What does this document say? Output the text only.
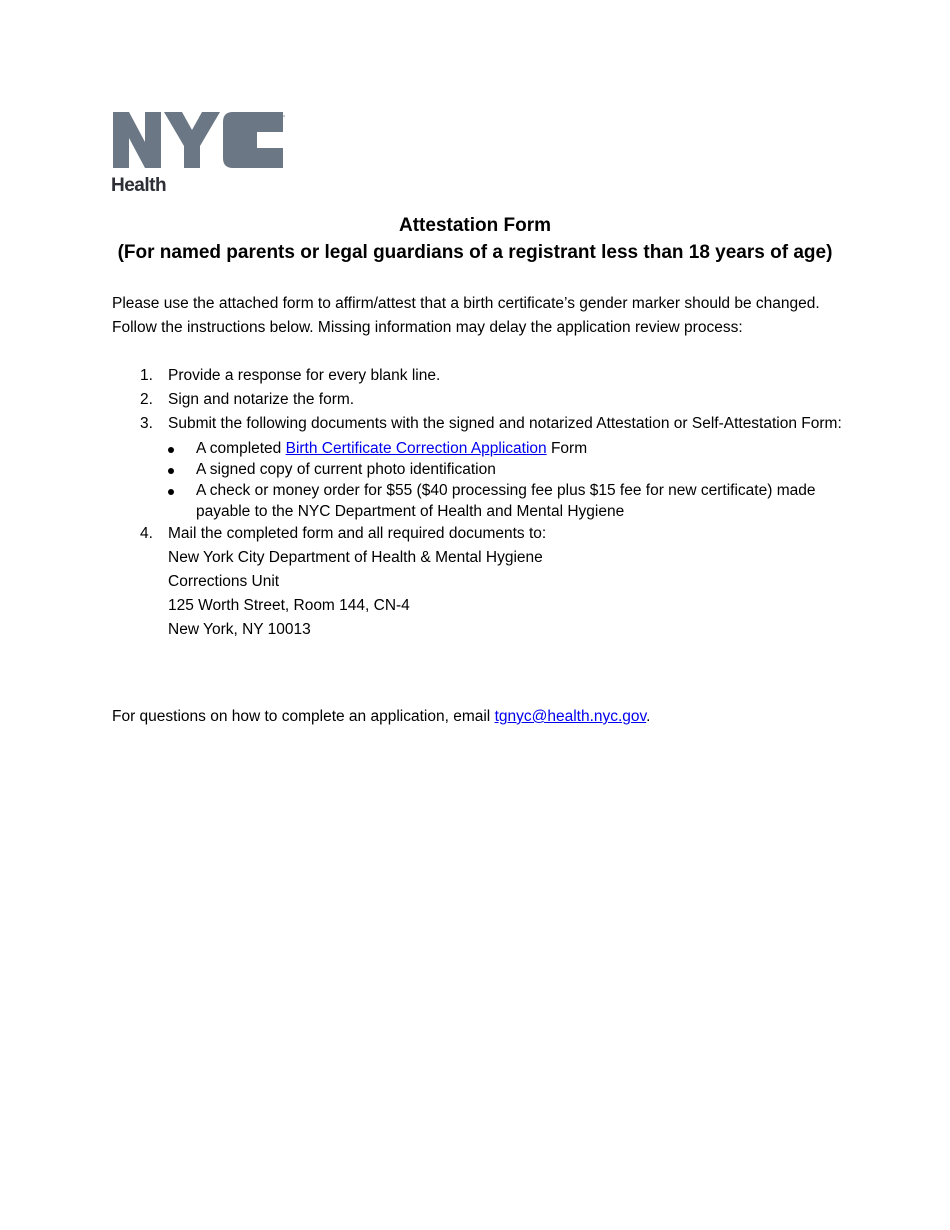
™
Health
Attestation Form
(For named parents or legal guardians of a registrant less than 18 years of age)
Please use the attached form to affirm/attest that a birth certificate’s gender marker should be changed. Follow the instructions below. Missing information may delay the application review process:
1. Provide a response for every blank line.
2. Sign and notarize the form.
3. Submit the following documents with the signed and notarized Attestation or Self-Attestation Form:
A completed Birth Certificate Correction Application Form
A signed copy of current photo identification
A check or money order for $55 ($40 processing fee plus $15 fee for new certificate) made payable to the NYC Department of Health and Mental Hygiene
4. Mail the completed form and all required documents to:
New York City Department of Health & Mental Hygiene
Corrections Unit
125 Worth Street, Room 144, CN-4
New York, NY 10013
For questions on how to complete an application, email tgnyc@health.nyc.gov.
